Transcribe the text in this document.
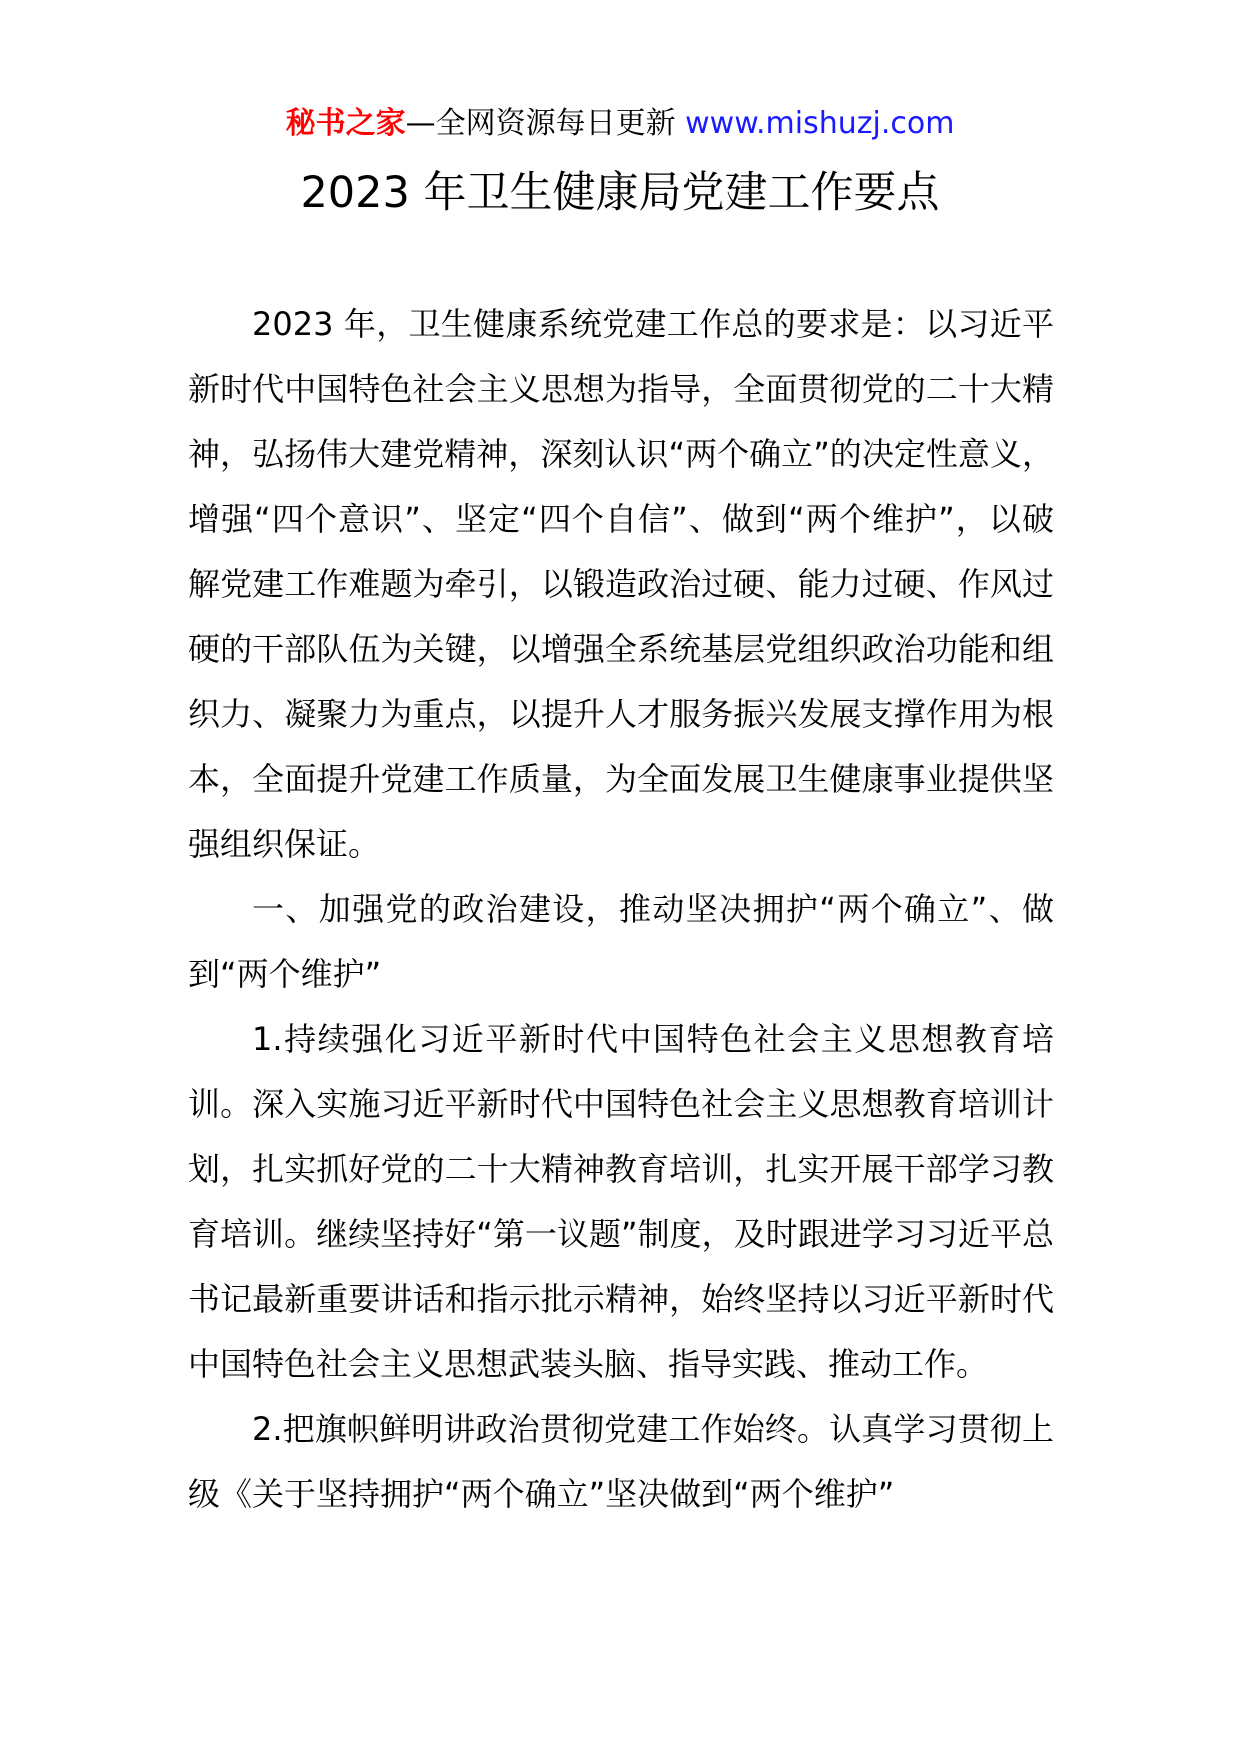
秘书之家—全网资源每日更新 www.mishuzj.com
2023 年卫生健康局党建工作要点

2023 年，卫生健康系统党建工作总的要求是：以习近平新时代中国特色社会主义思想为指导，全面贯彻党的二十大精神，弘扬伟大建党精神，深刻认识“两个确立”的决定性意义，增强“四个意识”、坚定“四个自信”、做到“两个维护”，以破解党建工作难题为牵引，以锻造政治过硬、能力过硬、作风过硬的干部队伍为关键，以增强全系统基层党组织政治功能和组织力、凝聚力为重点，以提升人才服务振兴发展支撑作用为根本，全面提升党建工作质量，为全面发展卫生健康事业提供坚强组织保证。

一、加强党的政治建设，推动坚决拥护“两个确立”、做到“两个维护”

1.持续强化习近平新时代中国特色社会主义思想教育培训。深入实施习近平新时代中国特色社会主义思想教育培训计划，扎实抓好党的二十大精神教育培训，扎实开展干部学习教育培训。继续坚持好“第一议题”制度，及时跟进学习习近平总书记最新重要讲话和指示批示精神，始终坚持以习近平新时代中国特色社会主义思想武装头脑、指导实践、推动工作。

2.把旗帜鲜明讲政治贯彻党建工作始终。认真学习贯彻上级《关于坚持拥护“两个确立”坚决做到“两个维护”
